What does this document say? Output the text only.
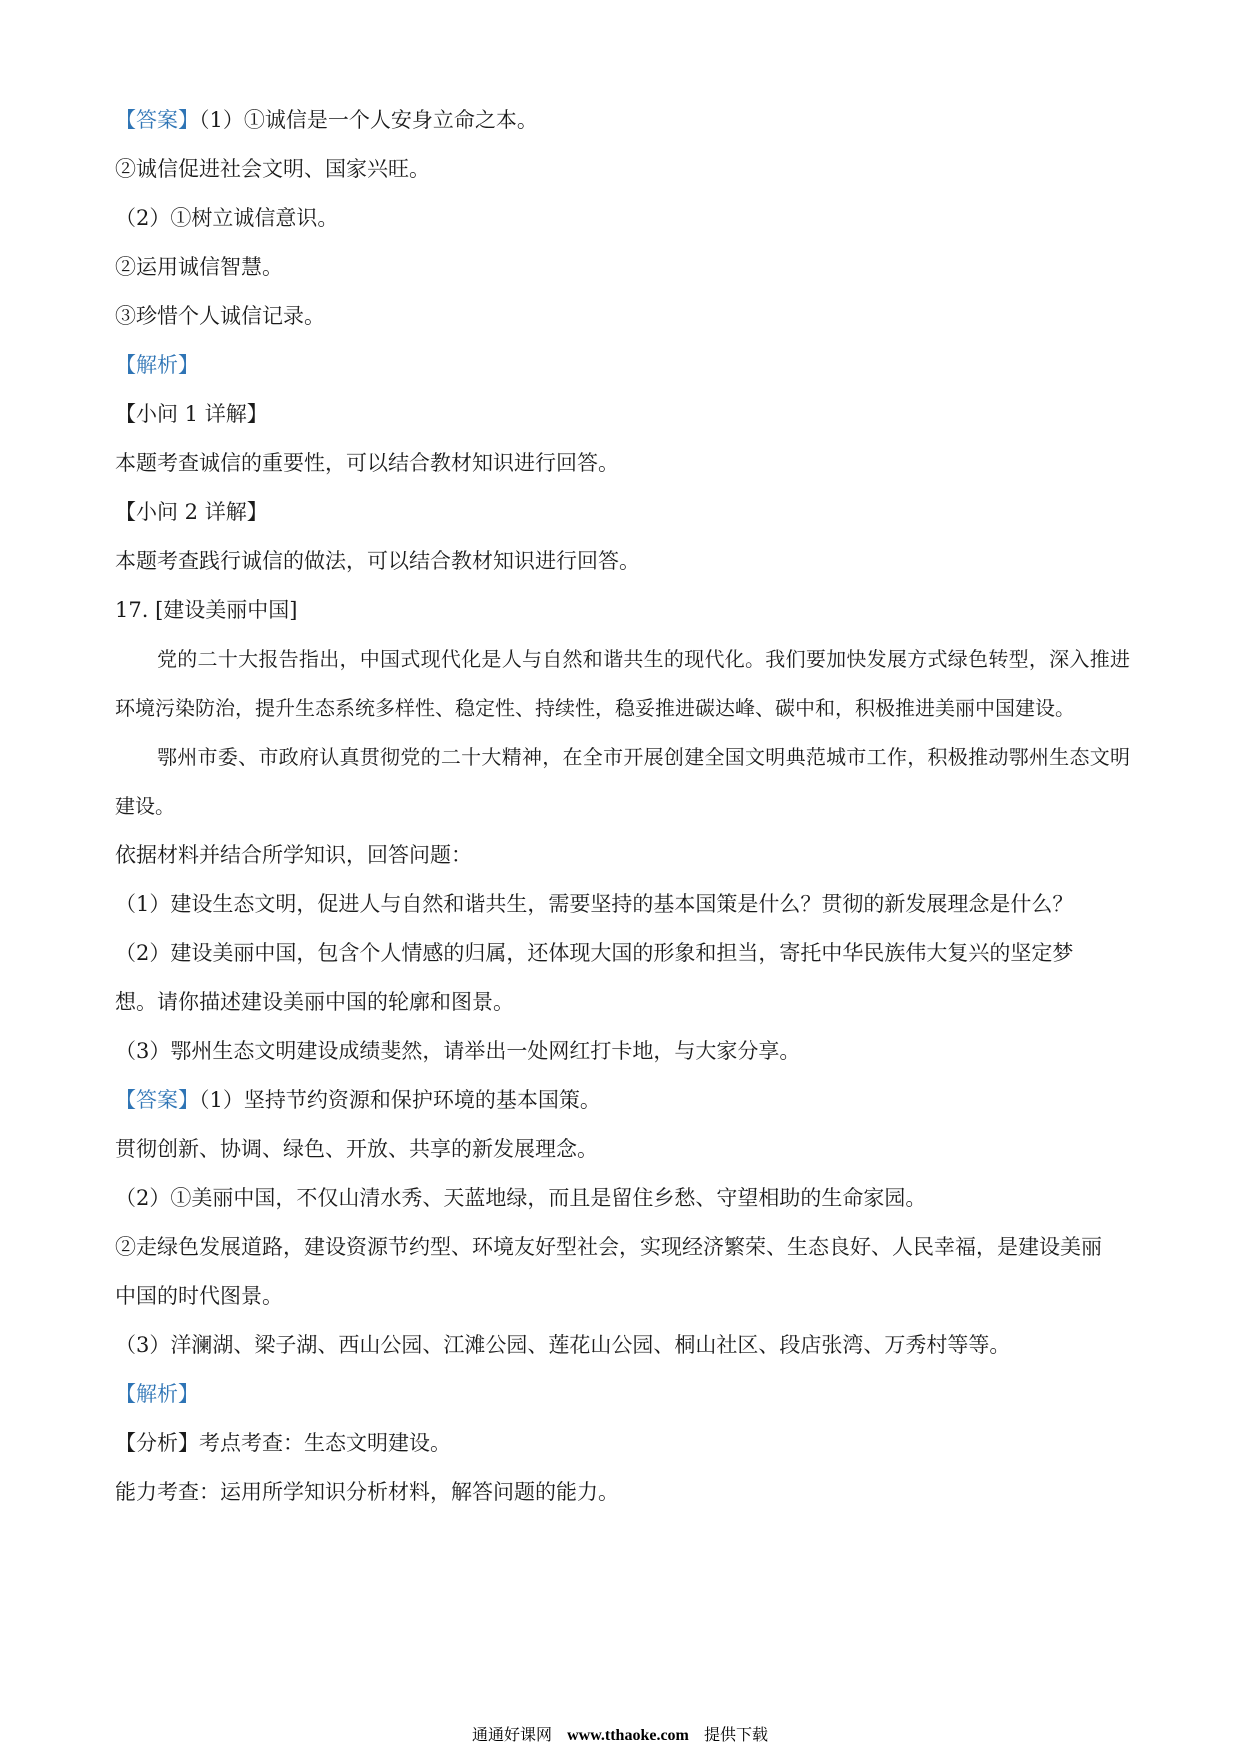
【答案】（1）①诚信是一个人安身立命之本。
②诚信促进社会文明、国家兴旺。
（2）①树立诚信意识。
②运用诚信智慧。
③珍惜个人诚信记录。
【解析】
【小问 1 详解】
本题考查诚信的重要性，可以结合教材知识进行回答。
【小问 2 详解】
本题考查践行诚信的做法，可以结合教材知识进行回答。
17. [建设美丽中国]

党的二十大报告指出，中国式现代化是人与自然和谐共生的现代化。我们要加快发展方式绿色转型，深入推进环境污染防治，提升生态系统多样性、稳定性、持续性，稳妥推进碳达峰、碳中和，积极推进美丽中国建设。

鄂州市委、市政府认真贯彻党的二十大精神，在全市开展创建全国文明典范城市工作，积极推动鄂州生态文明建设。

依据材料并结合所学知识，回答问题：
（1）建设生态文明，促进人与自然和谐共生，需要坚持的基本国策是什么？贯彻的新发展理念是什么？
（2）建设美丽中国，包含个人情感的归属，还体现大国的形象和担当，寄托中华民族伟大复兴的坚定梦
想。请你描述建设美丽中国的轮廓和图景。
（3）鄂州生态文明建设成绩斐然，请举出一处网红打卡地，与大家分享。
【答案】（1）坚持节约资源和保护环境的基本国策。
贯彻创新、协调、绿色、开放、共享的新发展理念。
（2）①美丽中国，不仅山清水秀、天蓝地绿，而且是留住乡愁、守望相助的生命家园。
②走绿色发展道路，建设资源节约型、环境友好型社会，实现经济繁荣、生态良好、人民幸福，是建设美丽
中国的时代图景。
（3）洋澜湖、梁子湖、西山公园、江滩公园、莲花山公园、桐山社区、段店张湾、万秀村等等。
【解析】
【分析】考点考查：生态文明建设。
能力考查：运用所学知识分析材料，解答问题的能力。
通通好课网 www.tthaoke.com 提供下载
